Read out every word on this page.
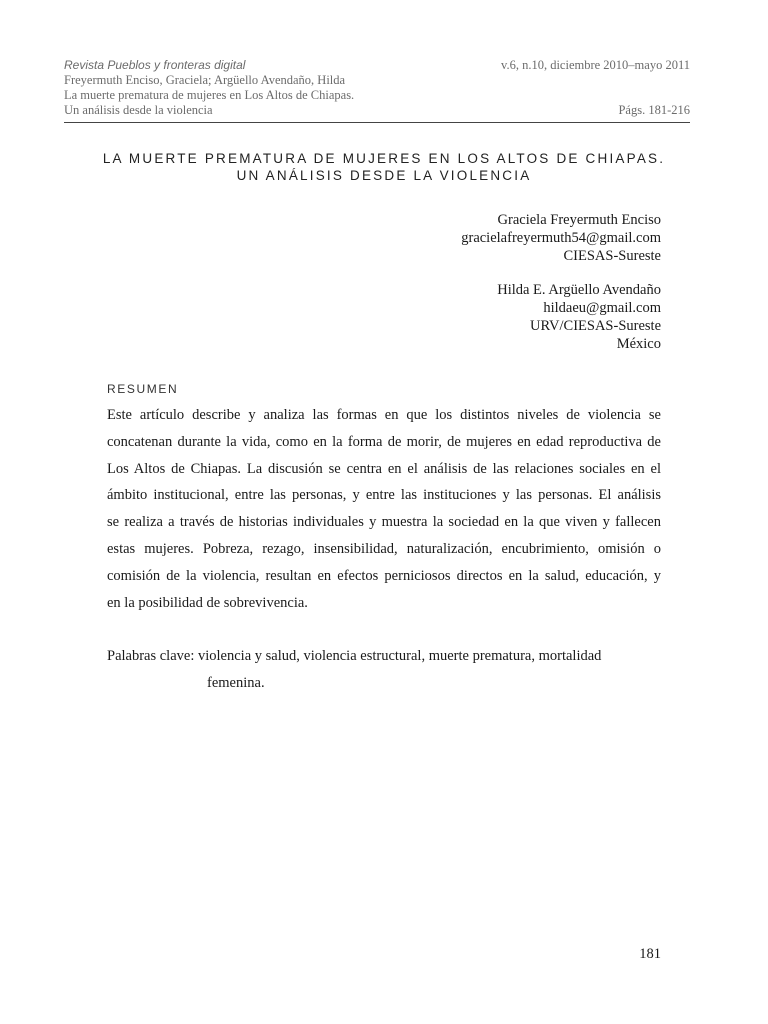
Revista Pueblos y fronteras digital	v.6, n.10, diciembre 2010–mayo 2011
Freyermuth Enciso, Graciela; Argüello Avendaño, Hilda
La muerte prematura de mujeres en Los Altos de Chiapas.
Un análisis desde la violencia	Págs. 181-216
LA MUERTE PREMATURA DE MUJERES EN LOS ALTOS DE CHIAPAS.
UN ANÁLISIS DESDE LA VIOLENCIA
Graciela Freyermuth Enciso
gracielafreyermuth54@gmail.com
CIESAS-Sureste
Hilda E. Argüello Avendaño
hildaeu@gmail.com
URV/CIESAS-Sureste
México
RESUMEN
Este artículo describe y analiza las formas en que los distintos niveles de violencia se
concatenan durante la vida, como en la forma de morir, de mujeres en edad reproductiva de
Los Altos de Chiapas. La discusión se centra en el análisis de las relaciones sociales en el
ámbito institucional, entre las personas, y entre las instituciones y las personas. El análisis
se realiza a través de historias individuales y muestra la sociedad en la que viven y fallecen
estas mujeres. Pobreza, rezago, insensibilidad, naturalización, encubrimiento, omisión o
comisión de la violencia, resultan en efectos perniciosos directos en la salud, educación, y
en la posibilidad de sobrevivencia.
Palabras clave: violencia y salud, violencia estructural, muerte prematura, mortalidad
femenina.
181
